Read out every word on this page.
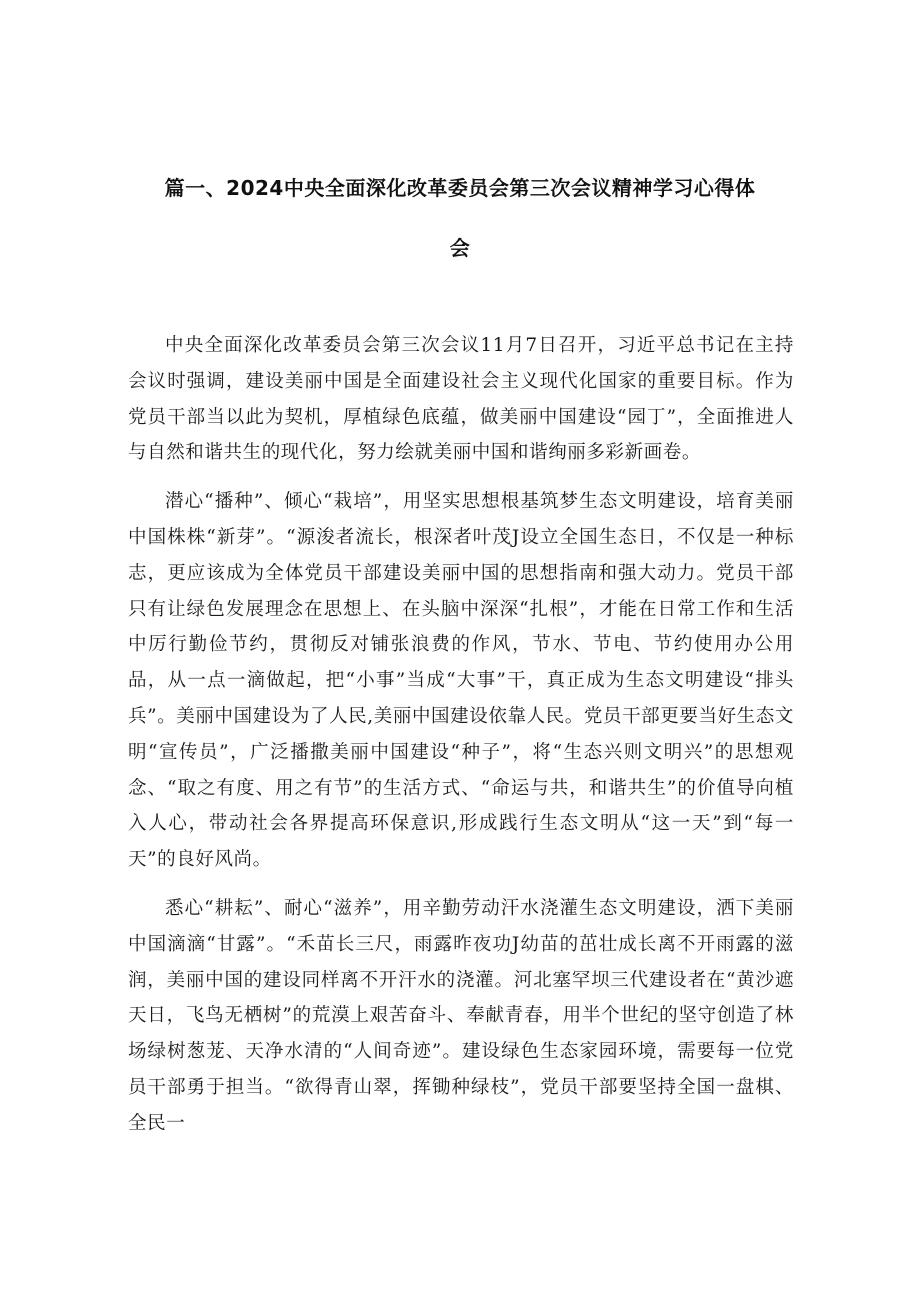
篇一、2024中央全面深化改革委员会第三次会议精神学习心得体
会

中央全面深化改革委员会第三次会议11月7日召开，习近平总书记在主持会议时强调，建设美丽中国是全面建设社会主义现代化国家的重要目标。作为党员干部当以此为契机，厚植绿色底蕴，做美丽中国建设“园丁”，全面推进人与自然和谐共生的现代化，努力绘就美丽中国和谐绚丽多彩新画卷。

潜心“播种”、倾心“栽培”，用坚实思想根基筑梦生态文明建设，培育美丽中国株株“新芽”。“源浚者流长，根深者叶茂J设立全国生态日，不仅是一种标志，更应该成为全体党员干部建设美丽中国的思想指南和强大动力。党员干部只有让绿色发展理念在思想上、在头脑中深深“扎根”，才能在日常工作和生活中厉行勤俭节约，贯彻反对铺张浪费的作风，节水、节电、节约使用办公用品，从一点一滴做起，把“小事”当成“大事”干，真正成为生态文明建设“排头兵”。美丽中国建设为了人民,美丽中国建设依靠人民。党员干部更要当好生态文明“宣传员”，广泛播撒美丽中国建设“种子”，将“生态兴则文明兴”的思想观念、“取之有度、用之有节”的生活方式、“命运与共，和谐共生”的价值导向植入人心，带动社会各界提高环保意识,形成践行生态文明从“这一天”到“每一天”的良好风尚。

悉心“耕耘”、耐心“滋养”，用辛勤劳动汗水浇灌生态文明建设，洒下美丽中国滴滴“甘露”。“禾苗长三尺，雨露昨夜功J幼苗的茁壮成长离不开雨露的滋润，美丽中国的建设同样离不开汗水的浇灌。河北塞罕坝三代建设者在“黄沙遮天日，飞鸟无栖树”的荒漠上艰苦奋斗、奉献青春，用半个世纪的坚守创造了林场绿树葱茏、天净水清的“人间奇迹”。建设绿色生态家园环境，需要每一位党员干部勇于担当。“欲得青山翠，挥锄种绿枝”，党员干部要坚持全国一盘棋、全民一
